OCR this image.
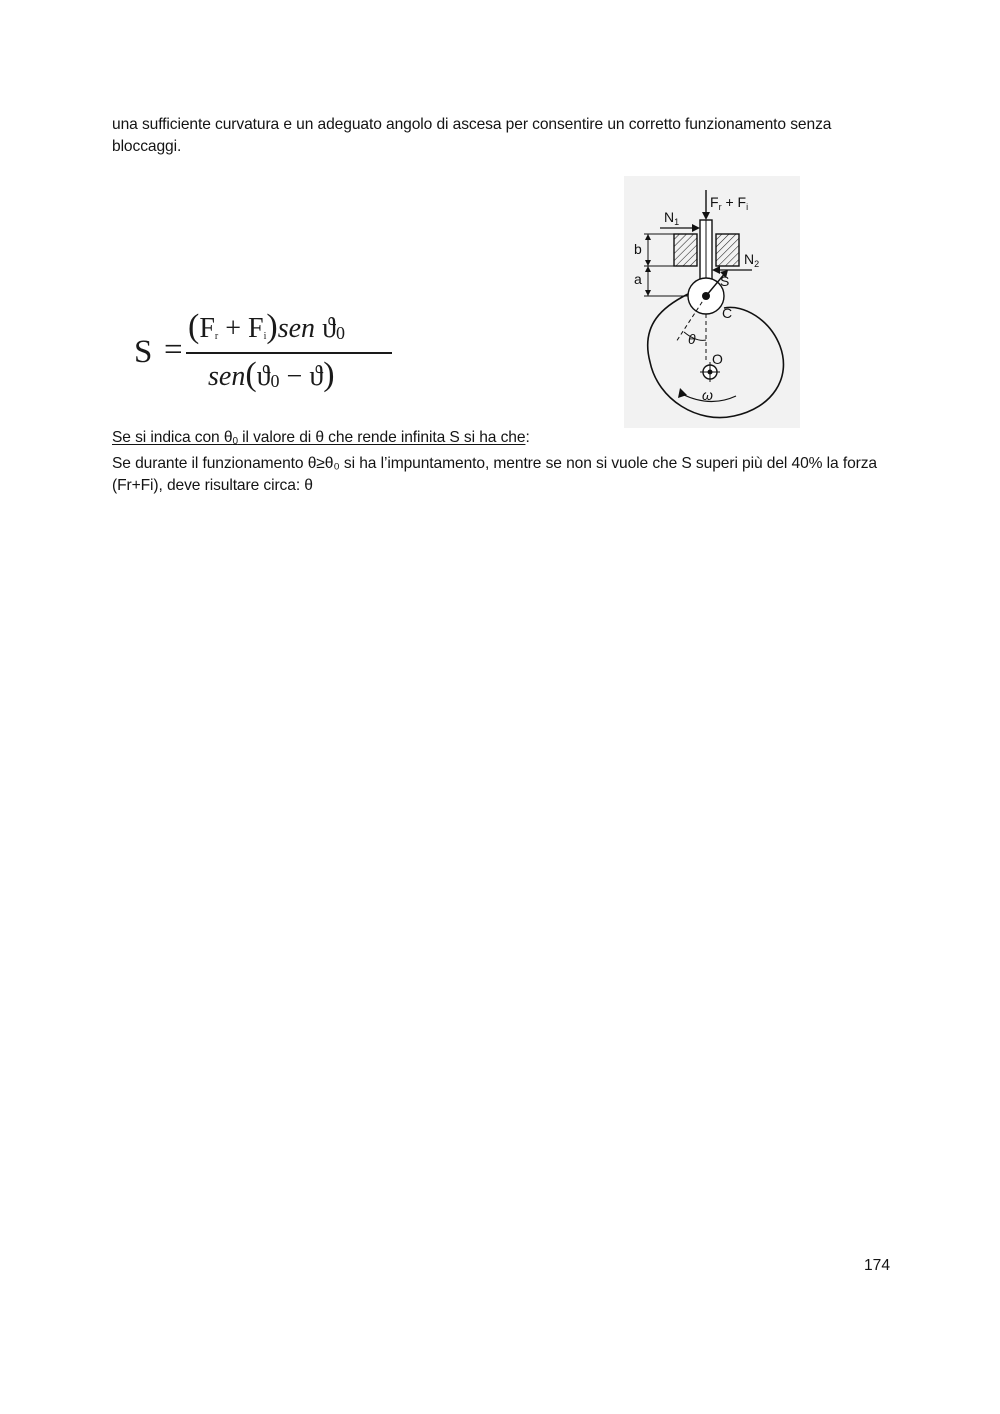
una sufficiente curvatura e un adeguato angolo di ascesa per consentire un corretto funzionamento senza bloccaggi.
S =
$(F_r + F_i)sen$ $ϑ_0$
$sen(ϑ_0 - ϑ)$
$F_r + F_i$
$N_1$
$N_2$
b
a	S
C
θ
O
ω
Se si indica con $\theta_0$ il valore di θ che rende infinita S si ha che:
Se durante il funzionamento θ≥θ₀ si ha l’impuntamento, mentre se non si vuole che S superi più del 40% la forza (Fr+Fi), deve risultare circa: θ
174
